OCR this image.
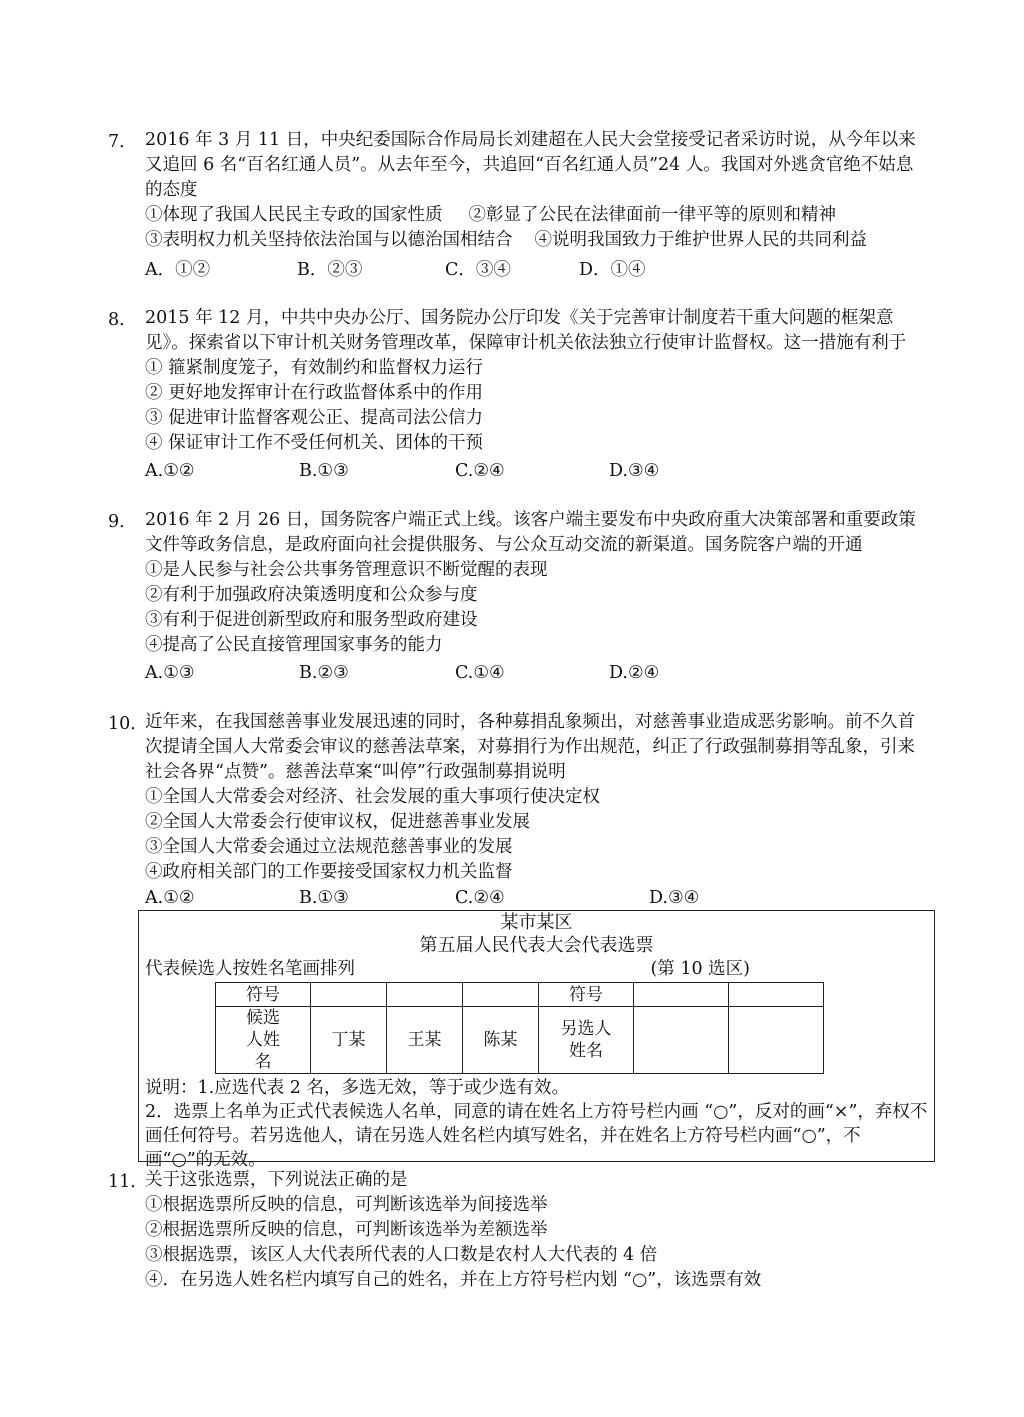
7． 2016 年 3 月 11 日，中央纪委国际合作局局长刘建超在人民大会堂接受记者采访时说，从今年以来又追回 6 名“百名红通人员”。从去年至今，共追回“百名红通人员”24 人。我国对外逃贪官绝不姑息的态度
①体现了我国人民民主专政的国家性质 ②彰显了公民在法律面前一律平等的原则和精神
③表明权力机关坚持依法治国与以德治国相结合 ④说明我国致力于维护世界人民的共同利益
A．①②	B．②③	C．③④	D．①④
8． 2015 年 12 月，中共中央办公厅、国务院办公厅印发《关于完善审计制度若干重大问题的框架意见》。探索省以下审计机关财务管理改革，保障审计机关依法独立行使审计监督权。这一措施有利于
① 箍紧制度笼子，有效制约和监督权力运行
② 更好地发挥审计在行政监督体系中的作用
③ 促进审计监督客观公正、提高司法公信力
④ 保证审计工作不受任何机关、团体的干预
A.①②	B.①③	C.②④	D.③④
9． 2016 年 2 月 26 日，国务院客户端正式上线。该客户端主要发布中央政府重大决策部署和重要政策文件等政务信息，是政府面向社会提供服务、与公众互动交流的新渠道。国务院客户端的开通
①是人民参与社会公共事务管理意识不断觉醒的表现
②有利于加强政府决策透明度和公众参与度
③有利于促进创新型政府和服务型政府建设
④提高了公民直接管理国家事务的能力
A.①③	B.②③	C.①④	D.②④
10．
近年来，在我国慈善事业发展迅速的同时，各种募捐乱象频出，对慈善事业造成恶劣影响。前不久首次提请全国人大常委会审议的慈善法草案，对募捐行为作出规范，纠正了行政强制募捐等乱象，引来社会各界“点赞”。慈善法草案“叫停”行政强制募捐说明
①全国人大常委会对经济、社会发展的重大事项行使决定权
②全国人大常委会行使审议权，促进慈善事业发展
③全国人大常委会通过立法规范慈善事业的发展
④政府相关部门的工作要接受国家权力机关监督
A.①②	B.①③	C.②④	D.③④
某市某区
第五届人民代表大会代表选票
代表候选人按姓名笔画排列	(第 10 选区)
符号				符号		

候选人姓名	丁某	王某	陈某	另选人姓名		

说明：1.应选代表 2 名，多选无效，等于或少选有效。
2．选票上名单为正式代表候选人名单，同意的请在姓名上方符号栏内画 “○”，反对的画“×”，弃权不画任何符号。若另选他人，请在另选人姓名栏内填写姓名，并在姓名上方符号栏内画“○”，不画“○”的无效。
11．
关于这张选票，下列说法正确的是
①根据选票所反映的信息，可判断该选举为间接选举
②根据选票所反映的信息，可判断该选举为差额选举
③根据选票，该区人大代表所代表的人口数是农村人大代表的 4 倍
④．在另选人姓名栏内填写自己的姓名，并在上方符号栏内划 “○”，该选票有效
